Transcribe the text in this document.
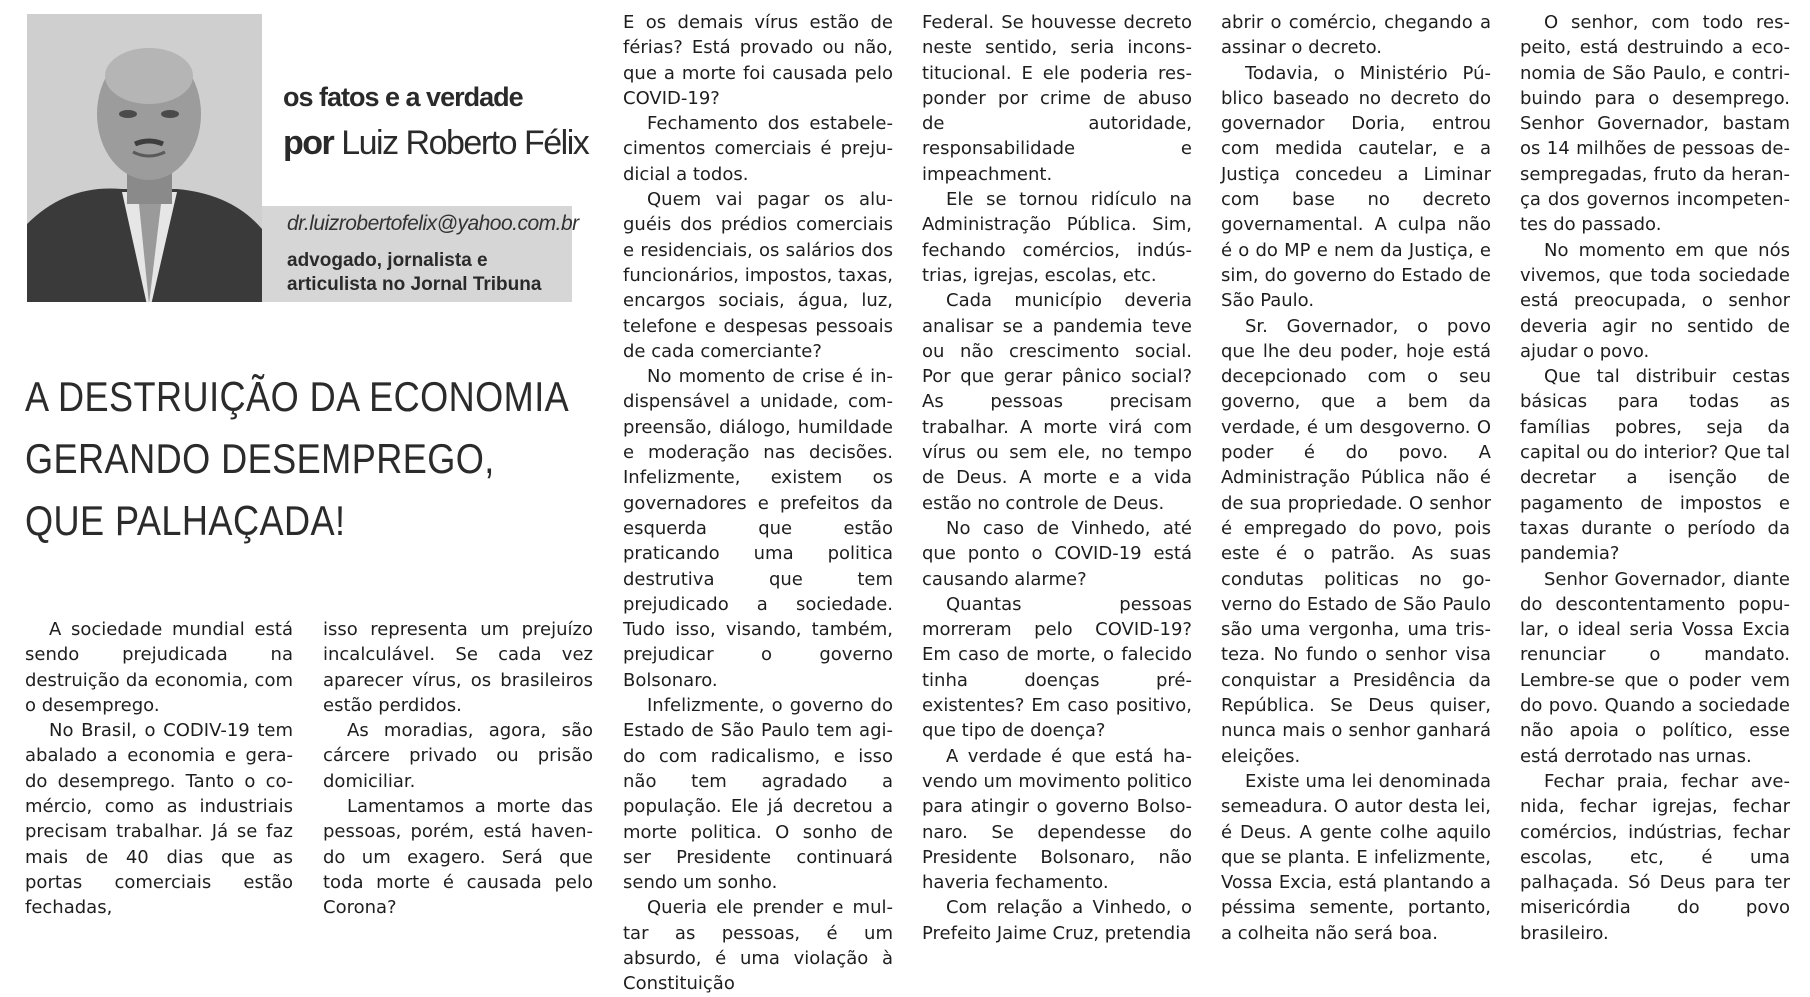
os fatos e a verdade
por Luiz Roberto Félix
dr.luizrobertofelix@yahoo.com.br
advogado, jornalista e articulista no Jornal Tribuna
A DESTRUIÇÃO DA ECONOMIA
GERANDO DESEMPREGO,
QUE PALHAÇADA!

A sociedade mundial está sendo prejudicada na destruição da economia, com o desemprego.

No Brasil, o CODIV-19 tem abalado a economia e gerado desemprego. Tanto o comércio, como as industriais precisam trabalhar. Já se faz mais de 40 dias que as portas comerciais estão fechadas,

isso representa um prejuízo incalculável. Se cada vez aparecer vírus, os brasileiros estão perdidos.

As moradias, agora, são cárcere privado ou prisão domiciliar.

Lamentamos a morte das pessoas, porém, está havendo um exagero. Será que toda morte é causada pelo Corona?

E os demais vírus estão de férias? Está provado ou não, que a morte foi causada pelo COVID-19?

Fechamento dos estabelecimentos comerciais é prejudicial a todos.

Quem vai pagar os aluguéis dos prédios comerciais e residenciais, os salários dos funcionários, impostos, taxas, encargos sociais, água, luz, telefone e despesas pessoais de cada comerciante?

No momento de crise é indispensável a unidade, compreensão, diálogo, humildade e moderação nas decisões. Infelizmente, existem os governadores e prefeitos da esquerda que estão praticando uma politica destrutiva que tem prejudicado a sociedade. Tudo isso, visando, também, prejudicar o governo Bolsonaro.

Infelizmente, o governo do Estado de São Paulo tem agido com radicalismo, e isso não tem agradado a população. Ele já decretou a morte politica. O sonho de ser Presidente continuará sendo um sonho.

Queria ele prender e multar as pessoas, é um absurdo, é uma violação à Constituição

Federal. Se houvesse decreto neste sentido, seria inconstitucional. E ele poderia responder por crime de abuso de autoridade, responsabilidade e impeachment.

Ele se tornou ridículo na Administração Pública. Sim, fechando comércios, indústrias, igrejas, escolas, etc.

Cada município deveria analisar se a pandemia teve ou não crescimento social. Por que gerar pânico social? As pessoas precisam trabalhar. A morte virá com vírus ou sem ele, no tempo de Deus. A morte e a vida estão no controle de Deus.

No caso de Vinhedo, até que ponto o COVID-19 está causando alarme?

Quantas pessoas morreram pelo COVID-19? Em caso de morte, o falecido tinha doenças pré-existentes? Em caso positivo, que tipo de doença?

A verdade é que está havendo um movimento politico para atingir o governo Bolsonaro. Se dependesse do Presidente Bolsonaro, não haveria fechamento.

Com relação a Vinhedo, o Prefeito Jaime Cruz, pretendia

abrir o comércio, chegando a assinar o decreto.

Todavia, o Ministério Público baseado no decreto do governador Doria, entrou com medida cautelar, e a Justiça concedeu a Liminar com base no decreto governamental. A culpa não é o do MP e nem da Justiça, e sim, do governo do Estado de São Paulo.

Sr. Governador, o povo que lhe deu poder, hoje está decepcionado com o seu governo, que a bem da verdade, é um desgoverno. O poder é do povo. A Administração Pública não é de sua propriedade. O senhor é empregado do povo, pois este é o patrão. As suas condutas politicas no governo do Estado de São Paulo são uma vergonha, uma tristeza. No fundo o senhor visa conquistar a Presidência da República. Se Deus quiser, nunca mais o senhor ganhará eleições.

Existe uma lei denominada semeadura. O autor desta lei, é Deus. A gente colhe aquilo que se planta. E infelizmente, Vossa Excia, está plantando a péssima semente, portanto, a colheita não será boa.

O senhor, com todo respeito, está destruindo a economia de São Paulo, e contribuindo para o desemprego. Senhor Governador, bastam os 14 milhões de pessoas desempregadas, fruto da herança dos governos incompetentes do passado.

No momento em que nós vivemos, que toda sociedade está preocupada, o senhor deveria agir no sentido de ajudar o povo.

Que tal distribuir cestas básicas para todas as famílias pobres, seja da capital ou do interior? Que tal decretar a isenção de pagamento de impostos e taxas durante o período da pandemia?

Senhor Governador, diante do descontentamento popular, o ideal seria Vossa Excia renunciar o mandato. Lembre-se que o poder vem do povo. Quando a sociedade não apoia o político, esse está derrotado nas urnas.

Fechar praia, fechar avenida, fechar igrejas, fechar comércios, indústrias, fechar escolas, etc, é uma palhaçada. Só Deus para ter misericórdia do povo brasileiro.
